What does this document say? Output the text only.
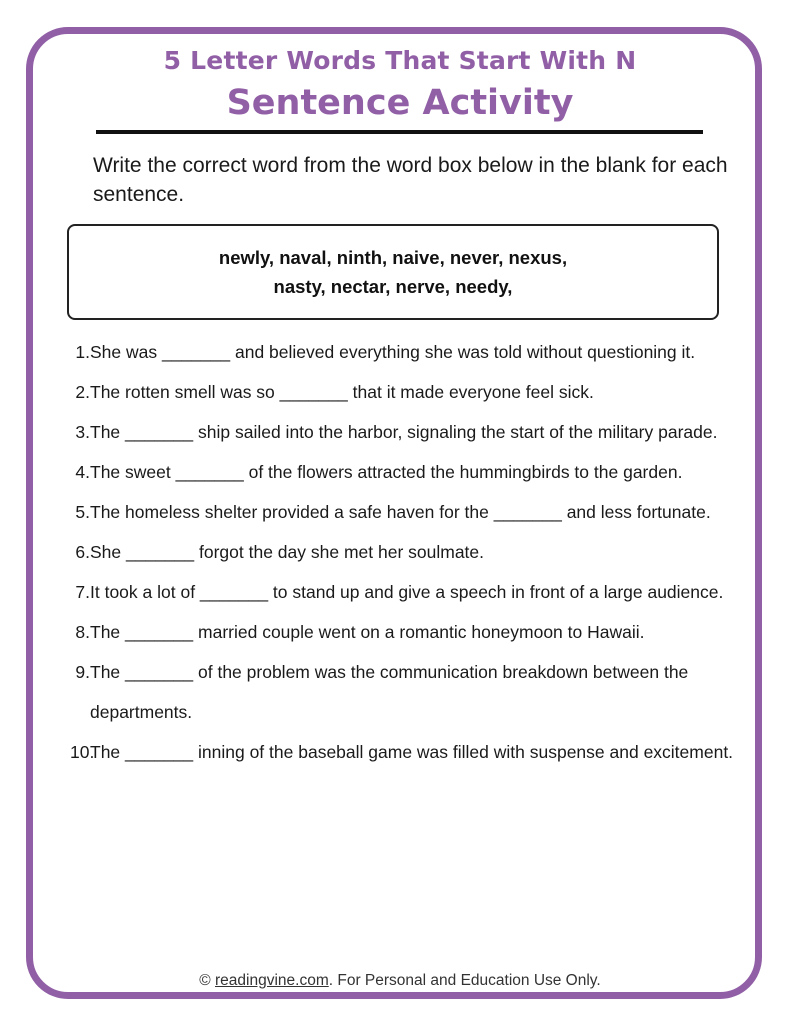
5 Letter Words That Start With N
Sentence Activity
Write the correct word from the word box below in the blank for each sentence.
newly, naval, ninth, naive, never, nexus,
nasty, nectar, nerve, needy,
1. She was _______ and believed everything she was told without questioning it.
2. The rotten smell was so _______ that it made everyone feel sick.
3. The _______ ship sailed into the harbor, signaling the start of the military parade.
4. The sweet _______ of the flowers attracted the hummingbirds to the garden.
5. The homeless shelter provided a safe haven for the _______ and less fortunate.
6. She _______ forgot the day she met her soulmate.
7. It took a lot of _______ to stand up and give a speech in front of a large audience.
8. The _______ married couple went on a romantic honeymoon to Hawaii.
9. The _______ of the problem was the communication breakdown between the departments.
10.
The _______ inning of the baseball game was filled with suspense and excitement.
© readingvine.com. For Personal and Education Use Only.
